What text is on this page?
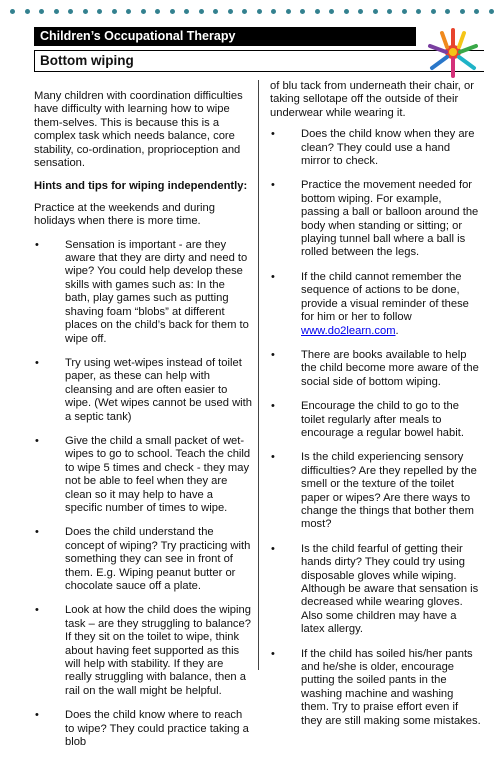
Children’s Occupational Therapy
Bottom wiping

Many children with coordination difficulties have difficulty with learning how to wipe them-selves. This is because this is a complex task which needs balance, core stability, co-ordination, proprioception and sensation.

Hints and tips for wiping independently:

Practice at the weekends and during holidays when there is more time.

•	Sensation is important - are they aware that they are dirty and need to wipe? You could help develop these skills with games such as: In the bath, play games such as putting shaving foam “blobs” at different places on the child’s back for them to wipe off.
•	Try using wet-wipes instead of toilet paper, as these can help with cleansing and are often easier to wipe. (Wet wipes cannot be used with a septic tank)
•	Give the child a small packet of wet-wipes to go to school. Teach the child to wipe 5 times and check - they may not be able to feel when they are clean so it may help to have a specific number of times to wipe.
•	Does the child understand the concept of wiping? Try practicing with something they can see in front of them. E.g. Wiping peanut butter or chocolate sauce off a plate.
•	Look at how the child does the wiping task – are they struggling to balance? If they sit on the toilet to wipe, think about having feet supported as this will help with stability. If they are really struggling with balance, then a rail on the wall might be helpful.
•	Does the child know where to reach to wipe? They could practice taking a blob

of blu tack from underneath their chair, or taking sellotape off the outside of their underwear while wearing it.

•	Does the child know when they are clean? They could use a hand mirror to check.
•	Practice the movement needed for bottom wiping. For example, passing a ball or balloon around the body when standing or sitting; or playing tunnel ball where a ball is rolled between the legs.
•	If the child cannot remember the sequence of actions to be done, provide a visual reminder of these for him or her to follow www.do2learn.com.
•	There are books available to help the child become more aware of the social side of bottom wiping.
•	Encourage the child to go to the toilet regularly after meals to encourage a regular bowel habit.
•	Is the child experiencing sensory difficulties? Are they repelled by the smell or the texture of the toilet paper or wipes? Are there ways to change the things that bother them most?
•	Is the child fearful of getting their hands dirty? They could try using disposable gloves while wiping. Although be aware that sensation is decreased while wearing gloves. Also some children may have a latex allergy.
•	If the child has soiled his/her pants and he/she is older, encourage putting the soiled pants in the washing machine and washing them. Try to praise effort even if they are still making some mistakes.
